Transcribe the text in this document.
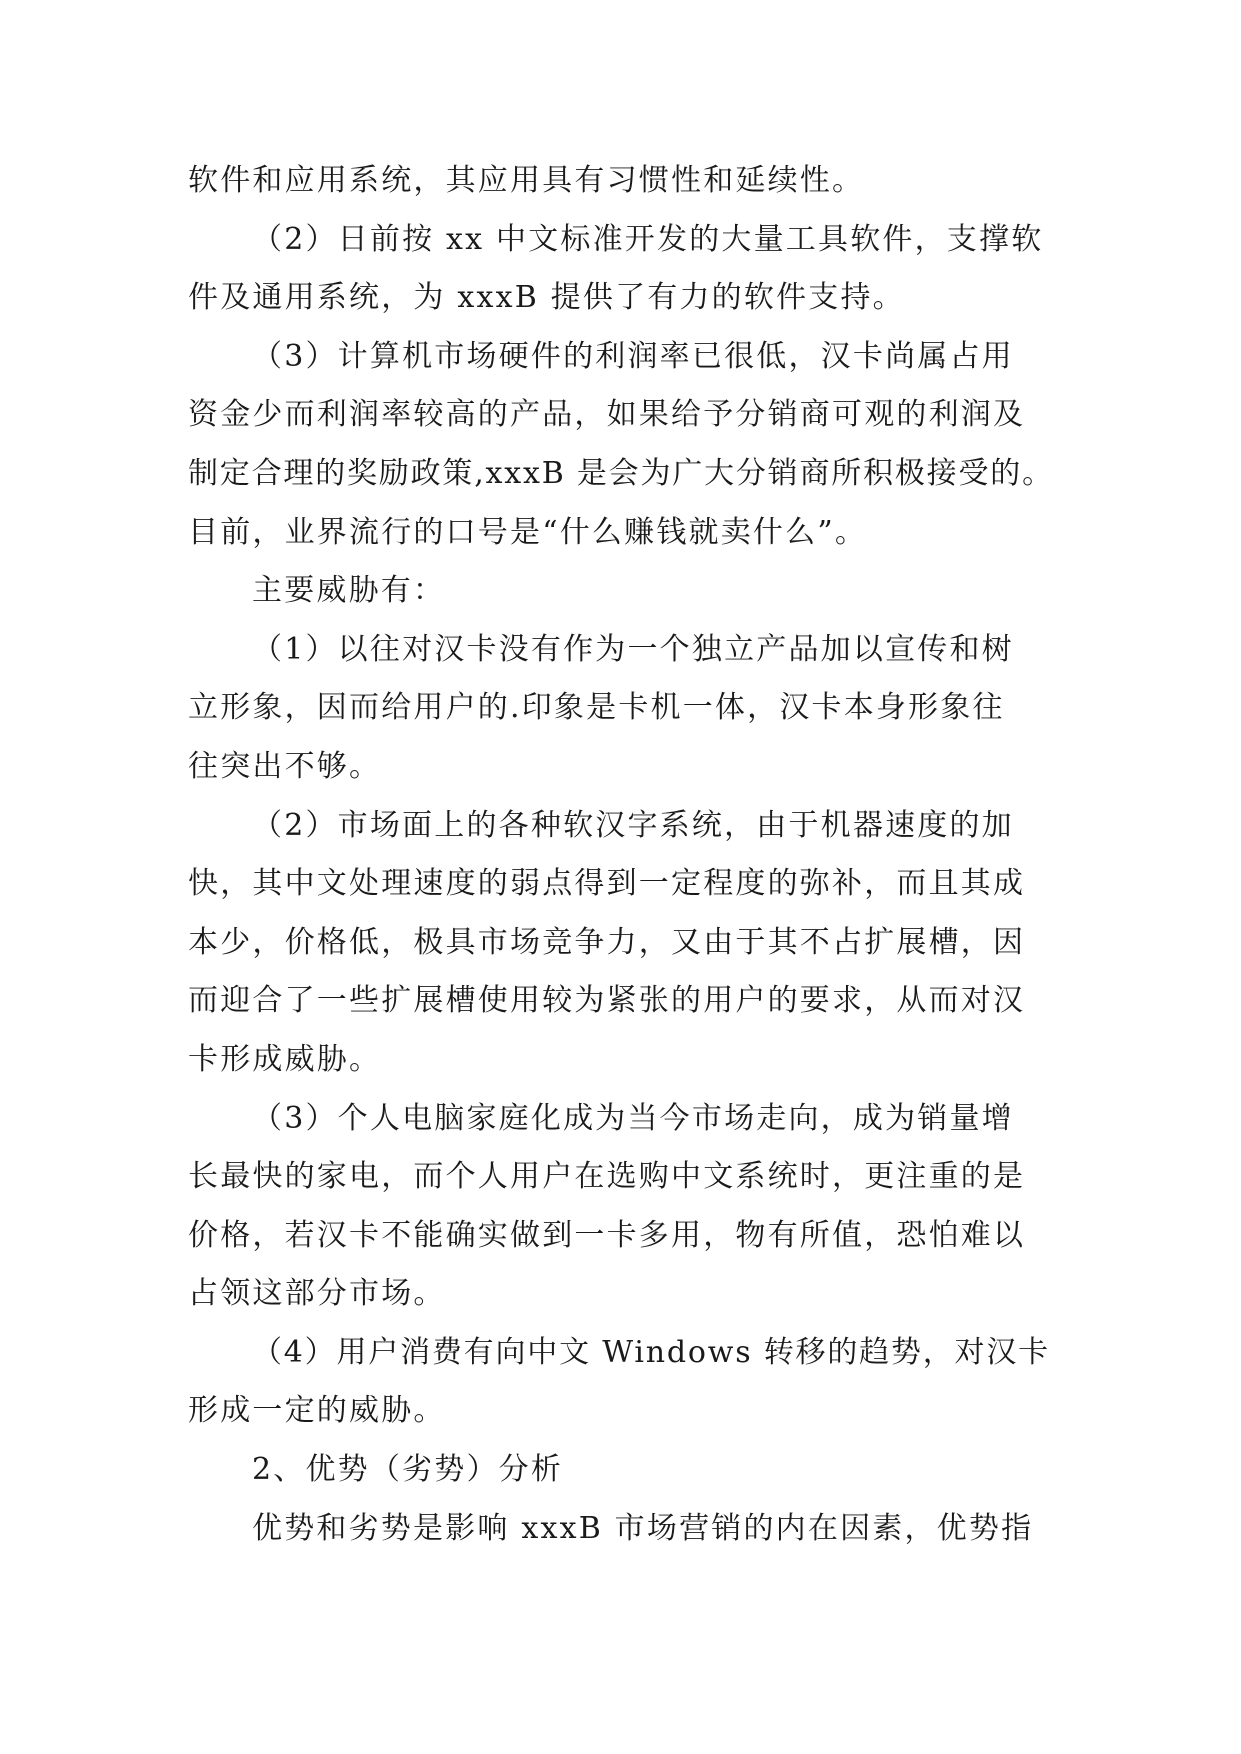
软件和应用系统，其应用具有习惯性和延续性。
（2）日前按 xx 中文标准开发的大量工具软件，支撑软
件及通用系统，为 xxxB 提供了有力的软件支持。
（3）计算机市场硬件的利润率已很低，汉卡尚属占用
资金少而利润率较高的产品，如果给予分销商可观的利润及
制定合理的奖励政策,xxxB 是会为广大分销商所积极接受的。
目前，业界流行的口号是“什么赚钱就卖什么”。
主要威胁有：
（1）以往对汉卡没有作为一个独立产品加以宣传和树
立形象，因而给用户的.印象是卡机一体，汉卡本身形象往
往突出不够。
（2）市场面上的各种软汉字系统，由于机器速度的加
快，其中文处理速度的弱点得到一定程度的弥补，而且其成
本少，价格低，极具市场竞争力，又由于其不占扩展槽，因
而迎合了一些扩展槽使用较为紧张的用户的要求，从而对汉
卡形成威胁。
（3）个人电脑家庭化成为当今市场走向，成为销量增
长最快的家电，而个人用户在选购中文系统时，更注重的是
价格，若汉卡不能确实做到一卡多用，物有所值，恐怕难以
占领这部分市场。
（4）用户消费有向中文 Windows 转移的趋势，对汉卡
形成一定的威胁。
2、优势（劣势）分析
优势和劣势是影响 xxxB 市场营销的内在因素，优势指
